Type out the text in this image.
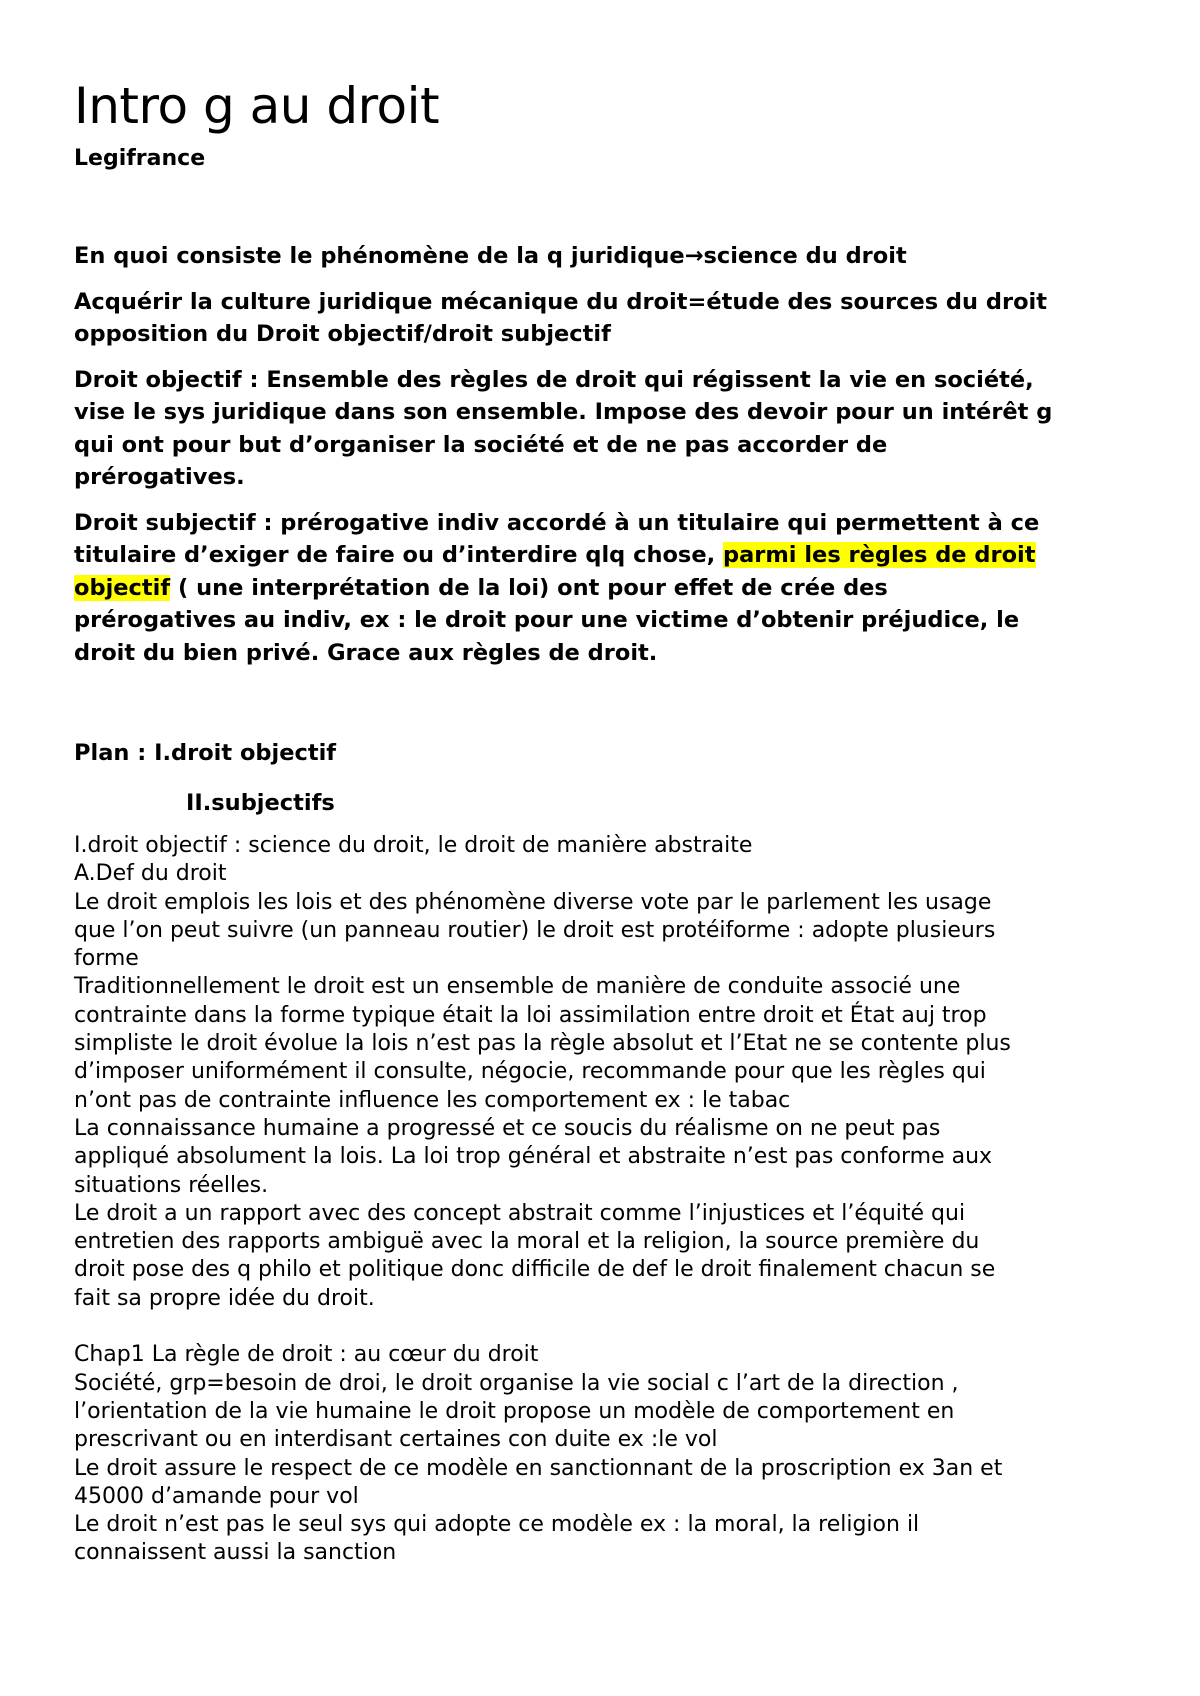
Intro g au droit

Legifrance

En quoi consiste le phénomène de la q juridique→science du droit

Acquérir la culture juridique mécanique du droit=étude des sources du droit
opposition du Droit objectif/droit subjectif

Droit objectif : Ensemble des règles de droit qui régissent la vie en société,
vise le sys juridique dans son ensemble. Impose des devoir pour un intérêt g
qui ont pour but d’organiser la société et de ne pas accorder de
prérogatives.

Droit subjectif : prérogative indiv accordé à un titulaire qui permettent à ce
titulaire d’exiger de faire ou d’interdire qlq chose, parmi les règles de droit
objectif ( une interprétation de la loi) ont pour effet de crée des
prérogatives au indiv, ex : le droit pour une victime d’obtenir préjudice, le
droit du bien privé. Grace aux règles de droit.

Plan : I.droit objectif

II.subjectifs

I.droit objectif : science du droit, le droit de manière abstraite
A.Def du droit
Le droit emplois les lois et des phénomène diverse vote par le parlement les usage
que l’on peut suivre (un panneau routier) le droit est protéiforme : adopte plusieurs
forme
Traditionnellement le droit est un ensemble de manière de conduite associé une
contrainte dans la forme typique était la loi assimilation entre droit et État auj trop
simpliste le droit évolue la lois n’est pas la règle absolut et l’Etat ne se contente plus
d’imposer uniformément il consulte, négocie, recommande pour que les règles qui
n’ont pas de contrainte influence les comportement ex : le tabac
La connaissance humaine a progressé et ce soucis du réalisme on ne peut pas
appliqué absolument la lois. La loi trop général et abstraite n’est pas conforme aux
situations réelles.
Le droit a un rapport avec des concept abstrait comme l’injustices et l’équité qui
entretien des rapports ambiguë avec la moral et la religion, la source première du
droit pose des q philo et politique donc difficile de def le droit finalement chacun se
fait sa propre idée du droit.
Chap1 La règle de droit : au cœur du droit
Société, grp=besoin de droi, le droit organise la vie social c l’art de la direction ,
l’orientation de la vie humaine le droit propose un modèle de comportement en
prescrivant ou en interdisant certaines con duite ex :le vol
Le droit assure le respect de ce modèle en sanctionnant de la proscription ex 3an et
45000 d’amande pour vol
Le droit n’est pas le seul sys qui adopte ce modèle ex : la moral, la religion il
connaissent aussi la sanction
